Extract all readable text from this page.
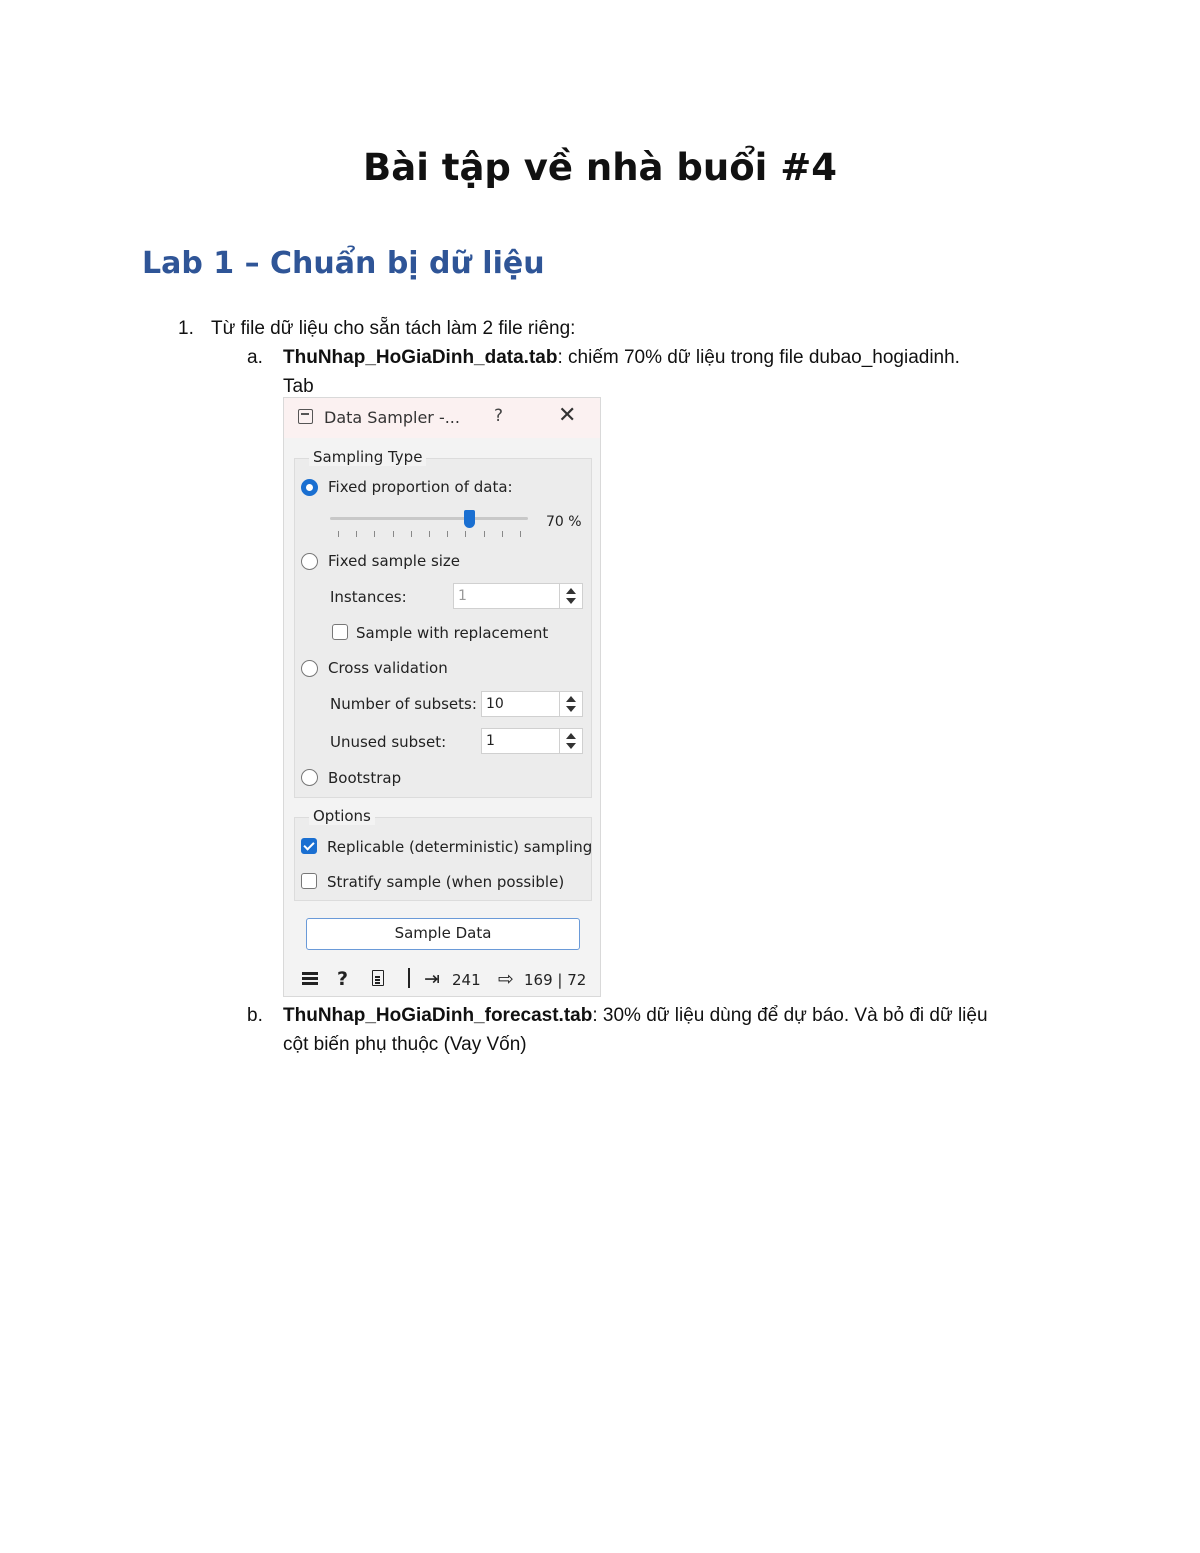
Bài tập về nhà buổi #4
Lab 1 – Chuẩn bị dữ liệu
1. Từ file dữ liệu cho sẵn tách làm 2 file riêng:
a. ThuNhap_HoGiaDinh_data.tab: chiếm 70% dữ liệu trong file dubao_hogiadinh.
Tab
Data Sampler -... ? ✕
Sampling Type
Fixed proportion of data:
70 %
Fixed sample size
Instances:	1
Sample with replacement
Cross validation
Number of subsets: 10
Unused subset:	1
Bootstrap
Options
Replicable (deterministic) sampling
Stratify sample (when possible)
Sample Data
?	⇥ 241 ⇨ 169 | 72
b. ThuNhap_HoGiaDinh_forecast.tab: 30% dữ liệu dùng để dự báo. Và bỏ đi dữ liệu
cột biến phụ thuộc (Vay Vốn)
